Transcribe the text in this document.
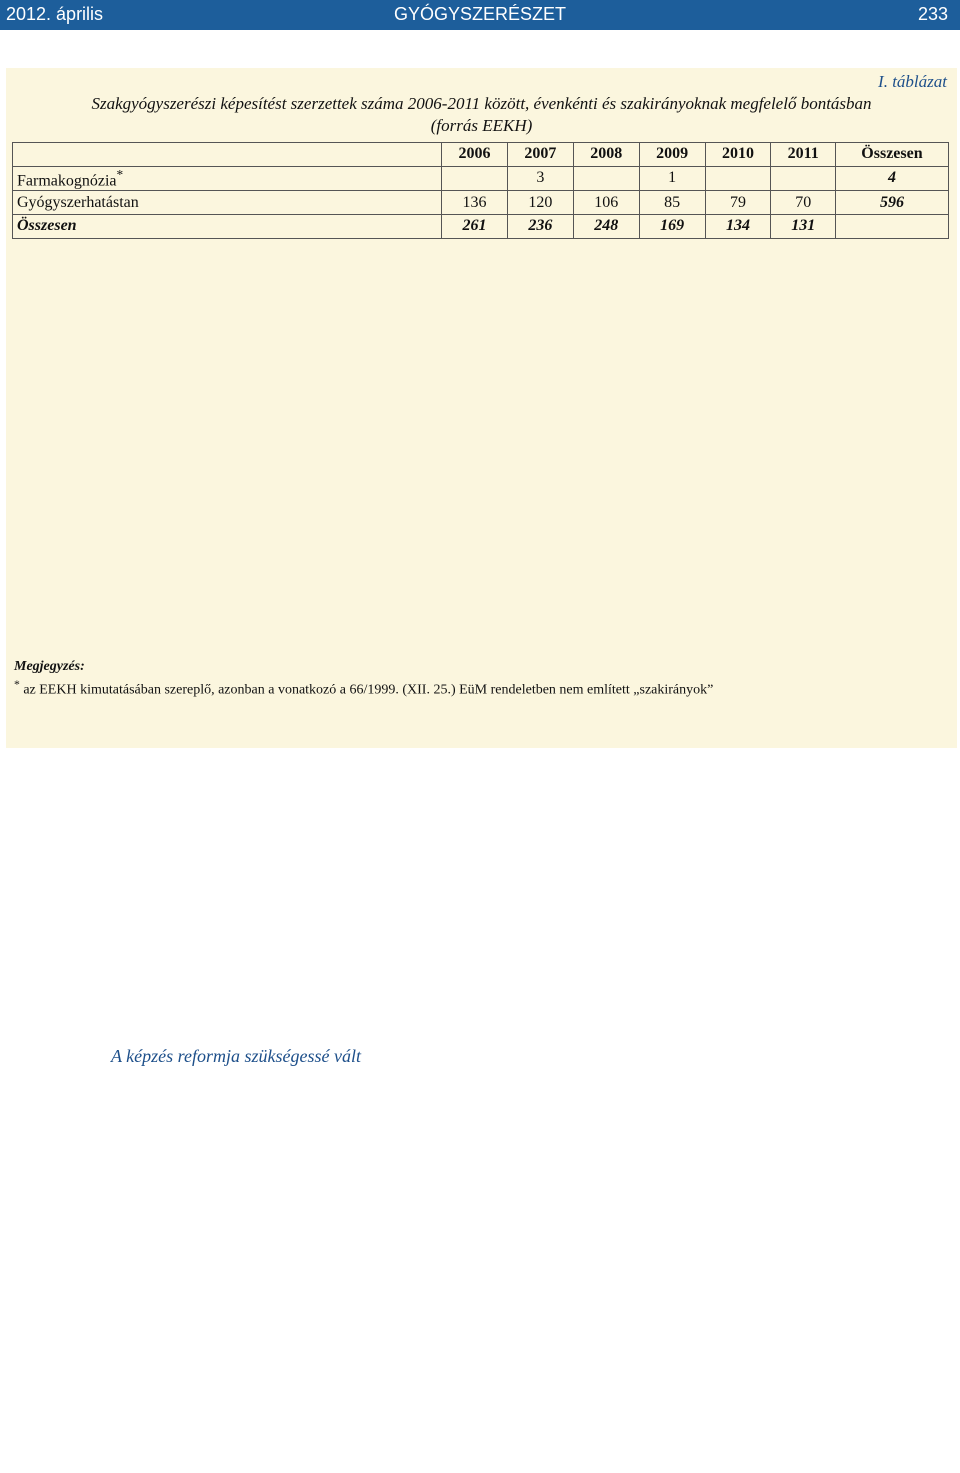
2012. április	GYÓGYSZERÉSZET	233
I. táblázat
Szakgyógyszerészi képesítést szerzettek száma 2006-2011 között, évenkénti és szakirányoknak megfelelő bontásban
(forrás EEKH)
	2006	2007	2008	2009	2010	2011	Összesen
Farmakognózia*		3		1			4
Gyógyszerhatástan	136	120	106	85	79	70	596
Összesen	261	236	248	169	134	131	
Megjegyzés:
* az EEKH kimutatásában szereplő, azonban a vonatkozó a 66/1999. (XII. 25.) EüM rendeletben nem említett „szakirányok”
A képzés reformja szükségessé vált
